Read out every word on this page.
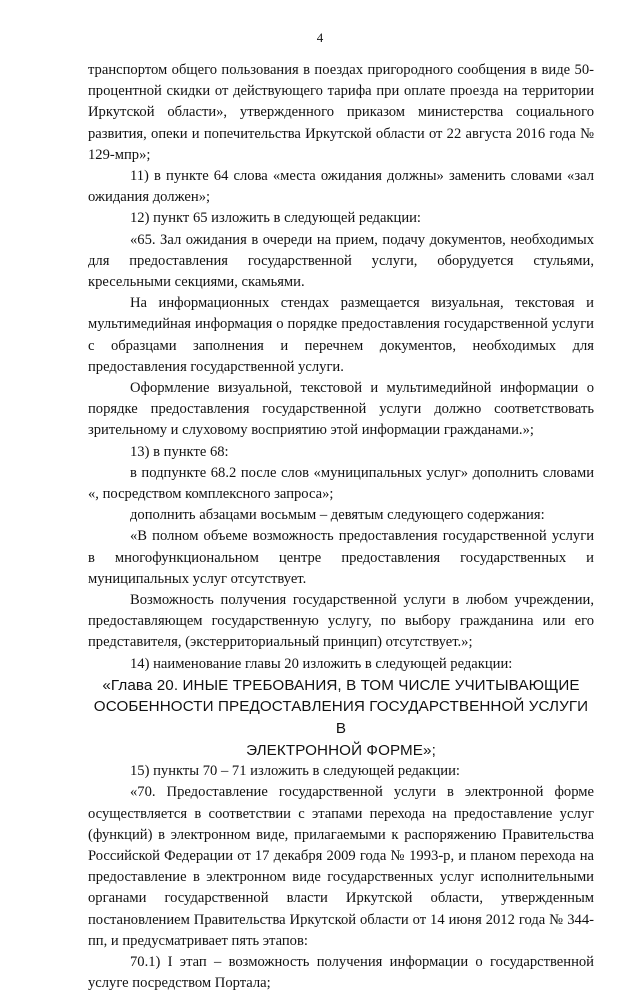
4

транспортом общего пользования в поездах пригородного сообщения в виде 50-процентной скидки от действующего тарифа при оплате проезда на территории Иркутской области», утвержденного приказом министерства социального развития, опеки и попечительства Иркутской области от 22 августа 2016 года № 129-мпр»;

11) в пункте 64 слова «места ожидания должны» заменить словами «зал ожидания должен»;

12) пункт 65 изложить в следующей редакции:

«65. Зал ожидания в очереди на прием, подачу документов, необходимых для предоставления государственной услуги, оборудуется стульями, кресельными секциями, скамьями.

На информационных стендах размещается визуальная, текстовая и мультимедийная информация о порядке предоставления государственной услуги с образцами заполнения и перечнем документов, необходимых для предоставления государственной услуги.

Оформление визуальной, текстовой и мультимедийной информации о порядке предоставления государственной услуги должно соответствовать зрительному и слуховому восприятию этой информации гражданами.»;

13) в пункте 68:

в подпункте 68.2 после слов «муниципальных услуг» дополнить словами «, посредством комплексного запроса»;

дополнить абзацами восьмым – девятым следующего содержания:

«В полном объеме возможность предоставления государственной услуги в многофункциональном центре предоставления государственных и муниципальных услуг отсутствует.

Возможность получения государственной услуги в любом учреждении, предоставляющем государственную услугу, по выбору гражданина или его представителя, (экстерриториальный принцип) отсутствует.»;

14) наименование главы 20 изложить в следующей редакции:

«Глава 20. ИНЫЕ ТРЕБОВАНИЯ, В ТОМ ЧИСЛЕ УЧИТЫВАЮЩИЕ
ОСОБЕННОСТИ ПРЕДОСТАВЛЕНИЯ ГОСУДАРСТВЕННОЙ УСЛУГИ В
ЭЛЕКТРОННОЙ ФОРМЕ»;

15) пункты 70 – 71 изложить в следующей редакции:

«70. Предоставление государственной услуги в электронной форме осуществляется в соответствии с этапами перехода на предоставление услуг (функций) в электронном виде, прилагаемыми к распоряжению Правительства Российской Федерации от 17 декабря 2009 года № 1993-р, и планом перехода на предоставление в электронном виде государственных услуг исполнительными органами государственной власти Иркутской области, утвержденным постановлением Правительства Иркутской области от 14 июня 2012 года № 344-пп, и предусматривает пять этапов:

70.1) I этап – возможность получения информации о государственной услуге посредством Портала;
